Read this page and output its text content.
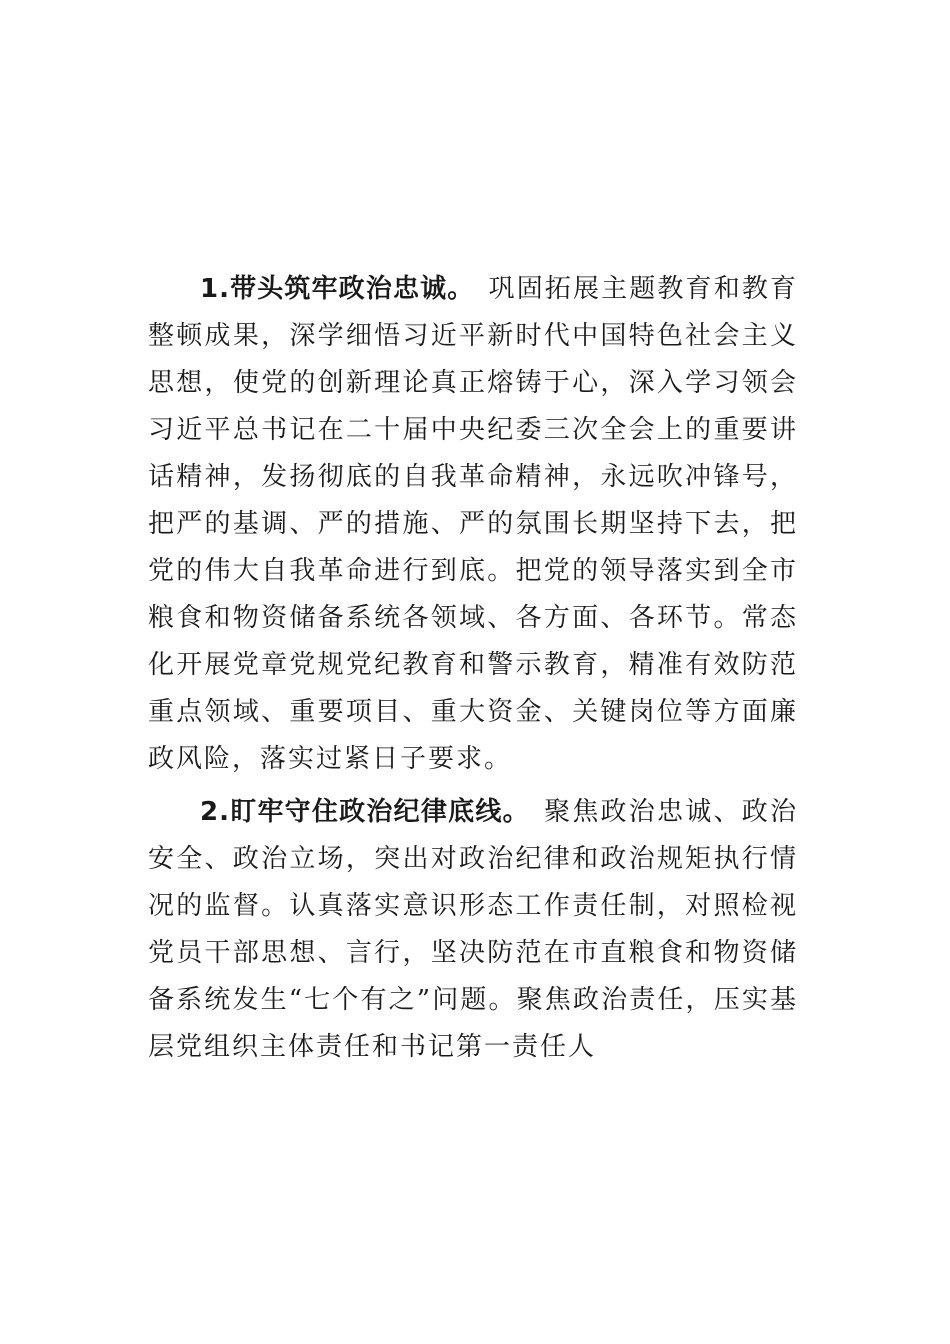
1.带头筑牢政治忠诚。 巩固拓展主题教育和教育整顿成果，深学细悟习近平新时代中国特色社会主义思想，使党的创新理论真正熔铸于心，深入学习领会习近平总书记在二十届中央纪委三次全会上的重要讲话精神，发扬彻底的自我革命精神，永远吹冲锋号，把严的基调、严的措施、严的氛围长期坚持下去，把党的伟大自我革命进行到底。把党的领导落实到全市粮食和物资储备系统各领域、各方面、各环节。常态化开展党章党规党纪教育和警示教育，精准有效防范重点领域、重要项目、重大资金、关键岗位等方面廉政风险，落实过紧日子要求。

2.盯牢守住政治纪律底线。 聚焦政治忠诚、政治安全、政治立场，突出对政治纪律和政治规矩执行情况的监督。认真落实意识形态工作责任制，对照检视党员干部思想、言行，坚决防范在市直粮食和物资储备系统发生“七个有之”问题。聚焦政治责任，压实基层党组织主体责任和书记第一责任人
